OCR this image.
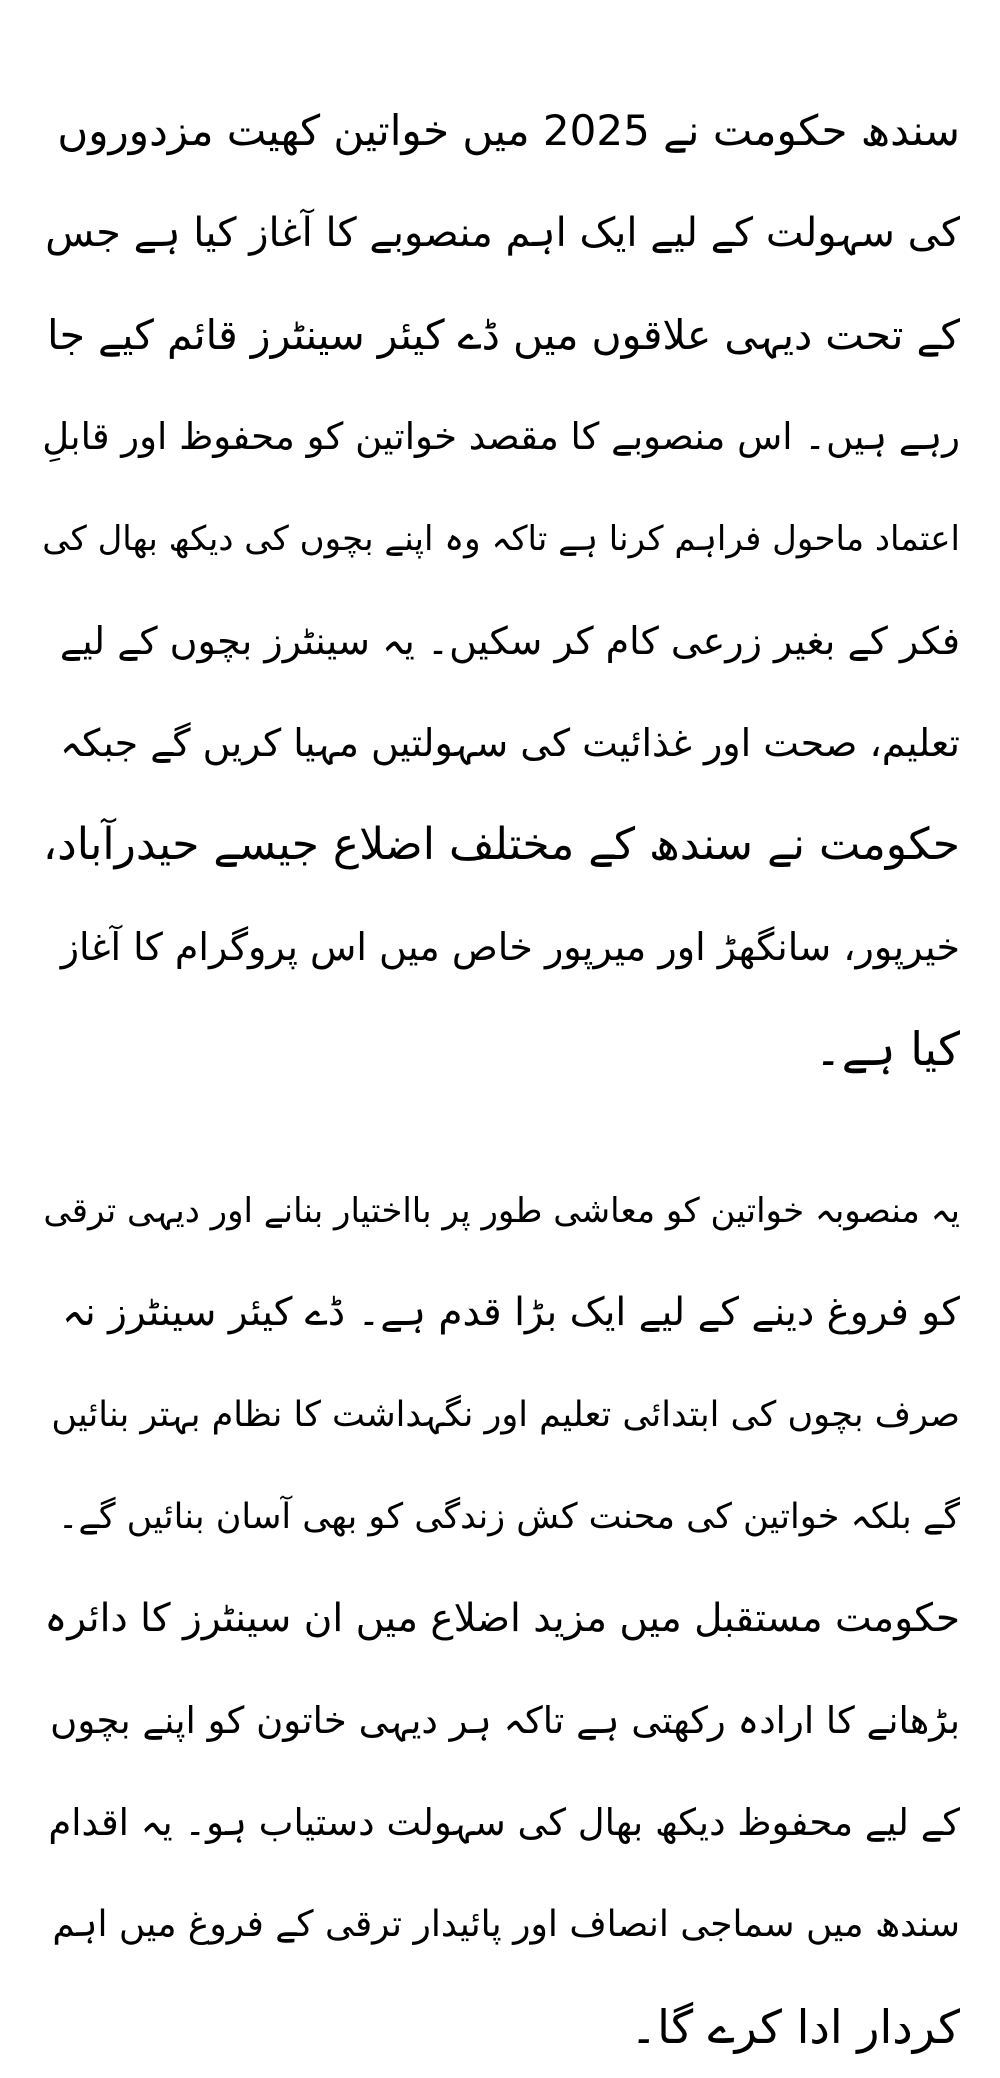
سندھ حکومت نے 2025 میں خواتین کھیت مزدوروں
کی سہولت کے لیے ایک اہم منصوبے کا آغاز کیا ہے جس
کے تحت دیہی علاقوں میں ڈے کیئر سینٹرز قائم کیے جا
رہے ہیں۔ اس منصوبے کا مقصد خواتین کو محفوظ اور قابلِ
اعتماد ماحول فراہم کرنا ہے تاکہ وہ اپنے بچوں کی دیکھ بھال کی
فکر کے بغیر زرعی کام کر سکیں۔ یہ سینٹرز بچوں کے لیے
تعلیم، صحت اور غذائیت کی سہولتیں مہیا کریں گے جبکہ
حکومت نے سندھ کے مختلف اضلاع جیسے حیدرآباد،
خیرپور، سانگھڑ اور میرپور خاص میں اس پروگرام کا آغاز
کیا ہے۔
یہ منصوبہ خواتین کو معاشی طور پر بااختیار بنانے اور دیہی ترقی
کو فروغ دینے کے لیے ایک بڑا قدم ہے۔ ڈے کیئر سینٹرز نہ
صرف بچوں کی ابتدائی تعلیم اور نگہداشت کا نظام بہتر بنائیں
گے بلکہ خواتین کی محنت کش زندگی کو بھی آسان بنائیں گے۔
حکومت مستقبل میں مزید اضلاع میں ان سینٹرز کا دائرہ
بڑھانے کا ارادہ رکھتی ہے تاکہ ہر دیہی خاتون کو اپنے بچوں
کے لیے محفوظ دیکھ بھال کی سہولت دستیاب ہو۔ یہ اقدام
سندھ میں سماجی انصاف اور پائیدار ترقی کے فروغ میں اہم
کردار ادا کرے گا۔
